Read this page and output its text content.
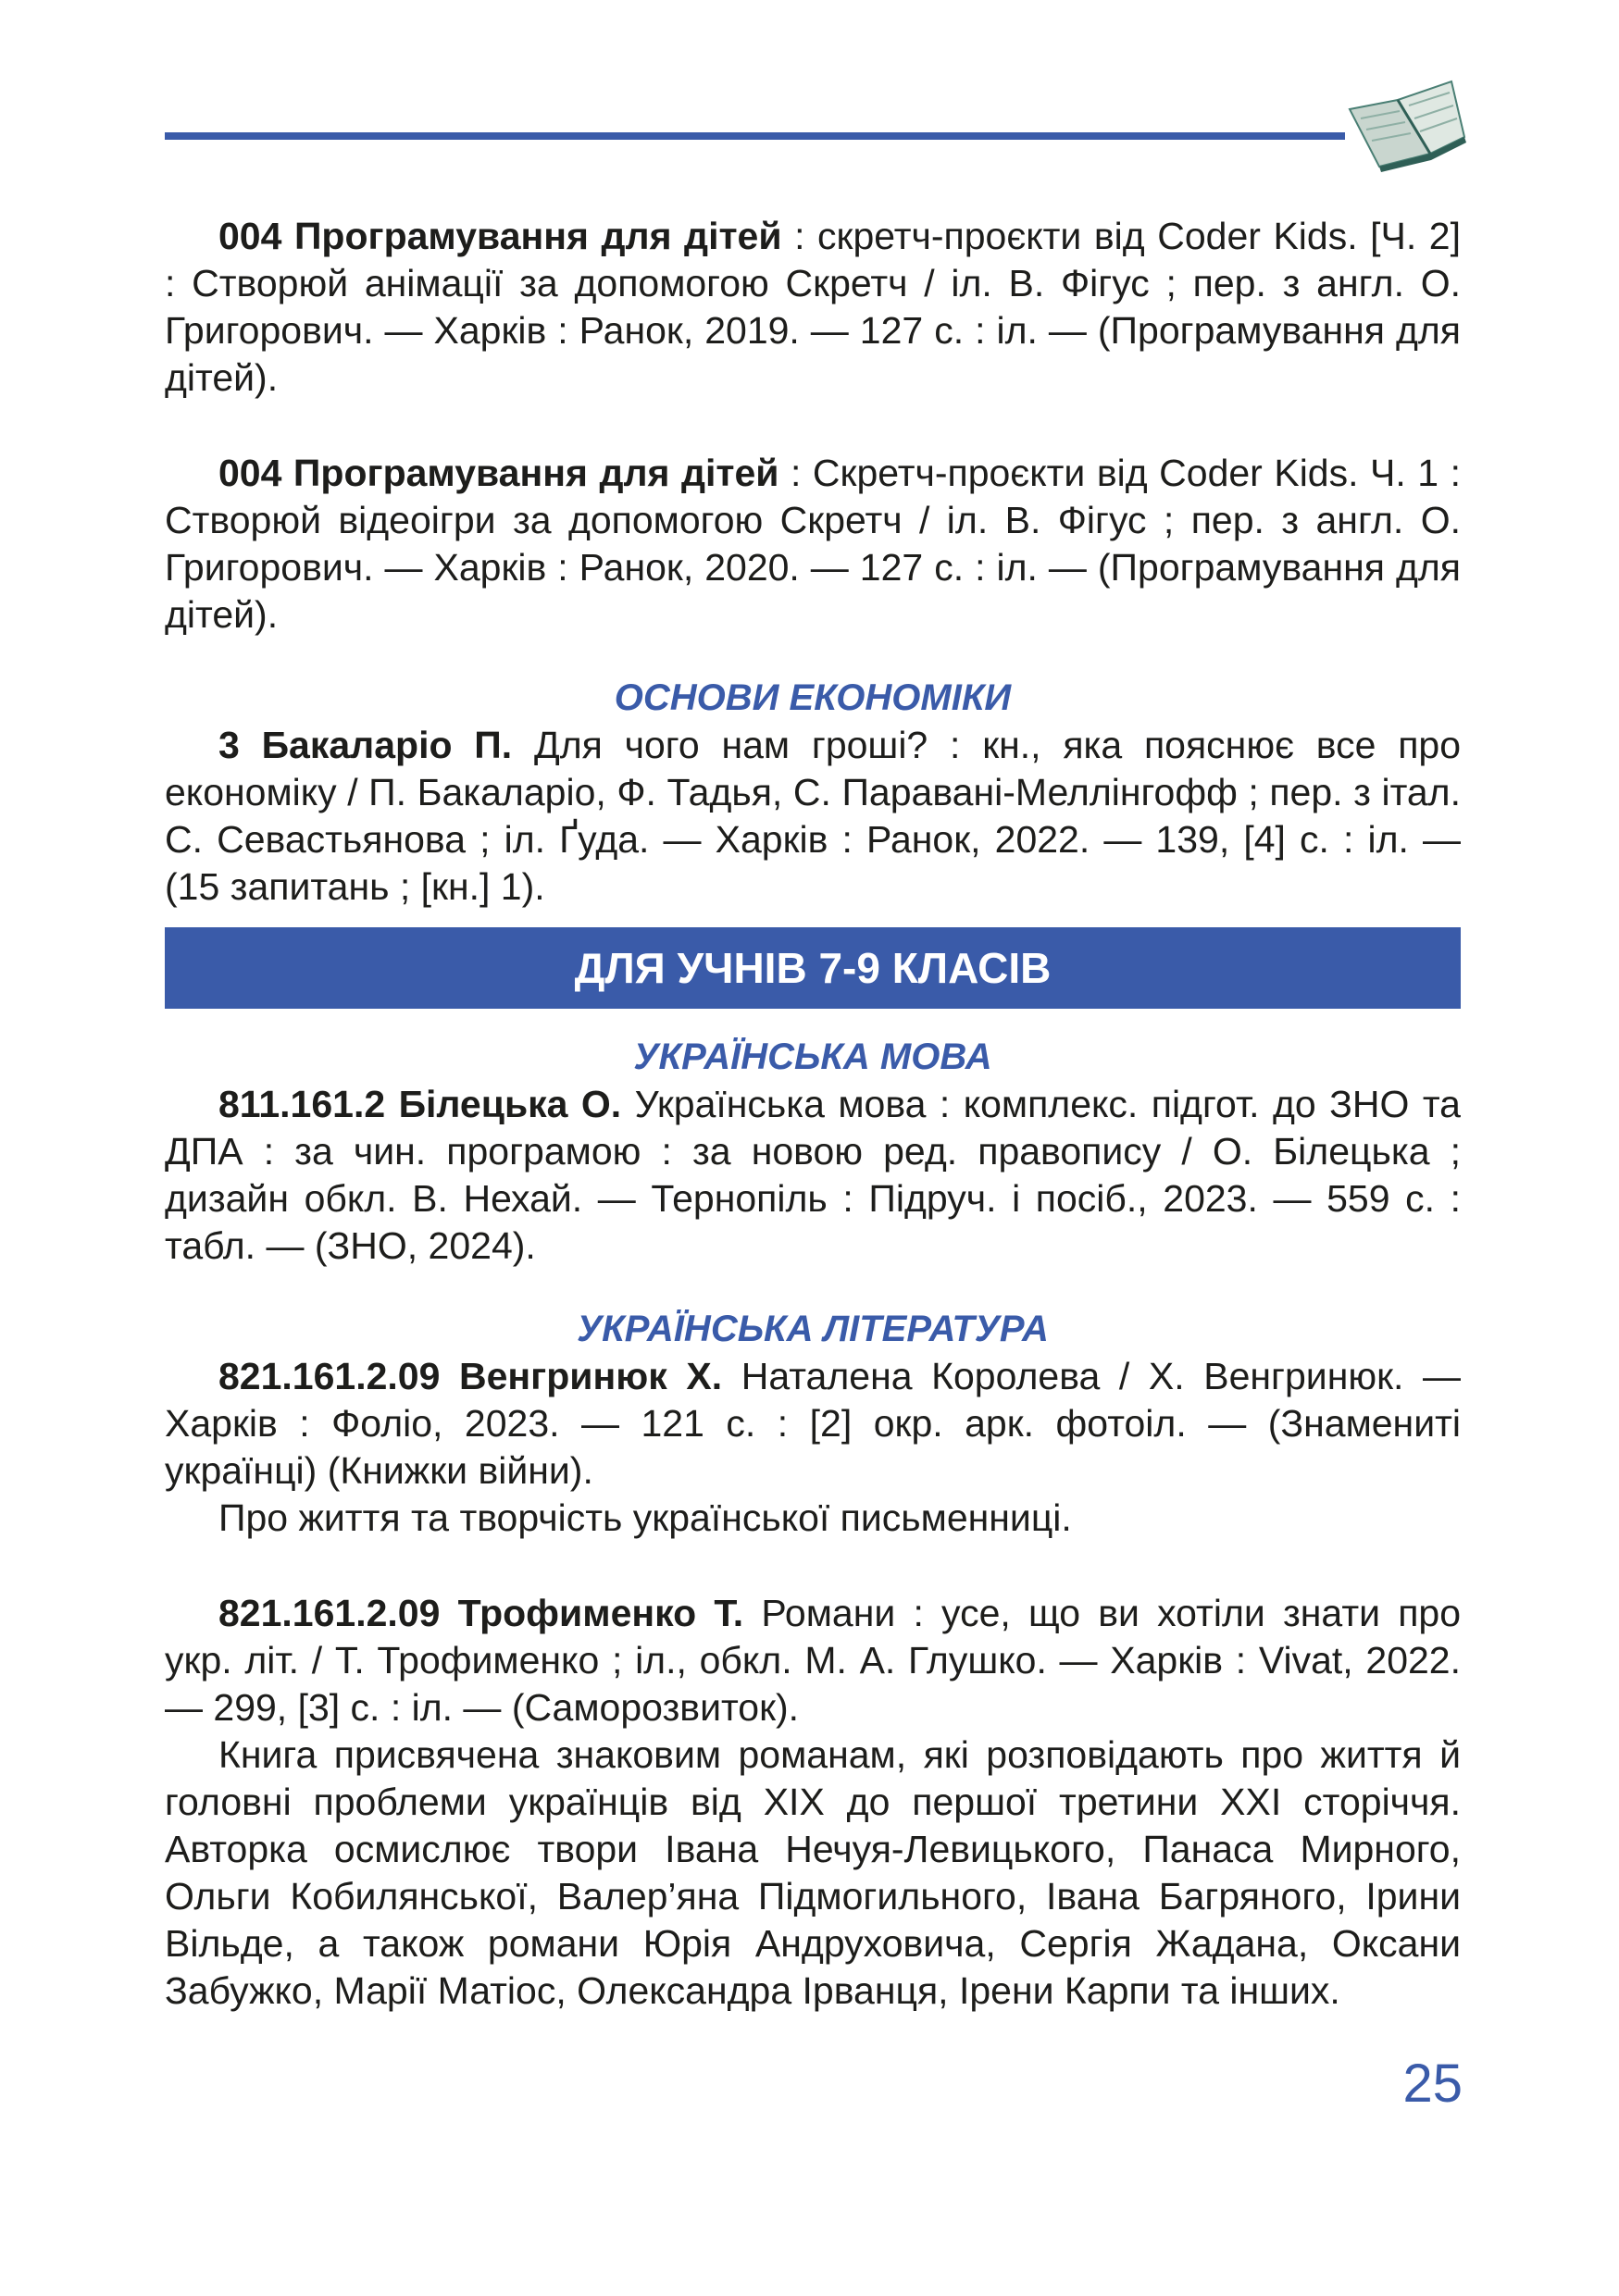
004 Програмування для дітей : скретч-проєкти від Coder Kids. [Ч. 2] : Створюй анімації за допомогою Скретч / іл. В. Фігус ; пер. з англ. О. Григорович. — Харків : Ранок, 2019. — 127 с. : іл. — (Програмування для дітей).

004 Програмування для дітей : Скретч-проєкти від Coder Kids. Ч. 1 : Створюй відеоігри за допомогою Скретч / іл. В. Фігус ; пер. з англ. О. Григорович. — Харків : Ранок, 2020. — 127 с. : іл. — (Програмування для дітей).

ОСНОВИ ЕКОНОМІКИ

3 Бакаларіо П. Для чого нам гроші? : кн., яка пояснює все про економіку / П. Бакаларіо, Ф. Тадья, С. Паравані-Меллінгофф ; пер. з італ. С. Севастьянова ; іл. Ґуда. — Харків : Ранок, 2022. — 139, [4] с. : іл. — (15 запитань ; [кн.] 1).

ДЛЯ УЧНІВ 7-9 КЛАСІВ

УКРАЇНСЬКА МОВА

811.161.2 Білецька О. Українська мова : комплекс. підгот. до ЗНО та ДПА : за чин. програмою : за новою ред. правопису / О. Білецька ; дизайн обкл. В. Нехай. — Тернопіль : Підруч. і посіб., 2023. — 559 с. : табл. — (ЗНО, 2024).

УКРАЇНСЬКА ЛІТЕРАТУРА

821.161.2.09 Венгринюк Х. Наталена Королева / Х. Венгринюк. — Харків : Фоліо, 2023. — 121 с. : [2] окр. арк. фотоіл. — (Знамениті українці) (Книжки війни).

Про життя та творчість української письменниці.

821.161.2.09 Трофименко Т. Романи : усе, що ви хотіли знати про укр. літ. / Т. Трофименко ; іл., обкл. М. А. Глушко. — Харків : Vivat, 2022. — 299, [3] с. : іл. — (Саморозвиток).

Книга присвячена знаковим романам, які розповідають про життя й головні проблеми українців від XIX до першої третини XXI сторіччя. Авторка осмислює твори Івана Нечуя-Левицького, Панаса Мирного, Ольги Кобилянської, Валер’яна Підмогильного, Івана Багряного, Ірини Вільде, а також романи Юрія Андруховича, Сергія Жадана, Оксани Забужко, Марії Матіос, Олександра Ірванця, Ірени Карпи та інших.

25
